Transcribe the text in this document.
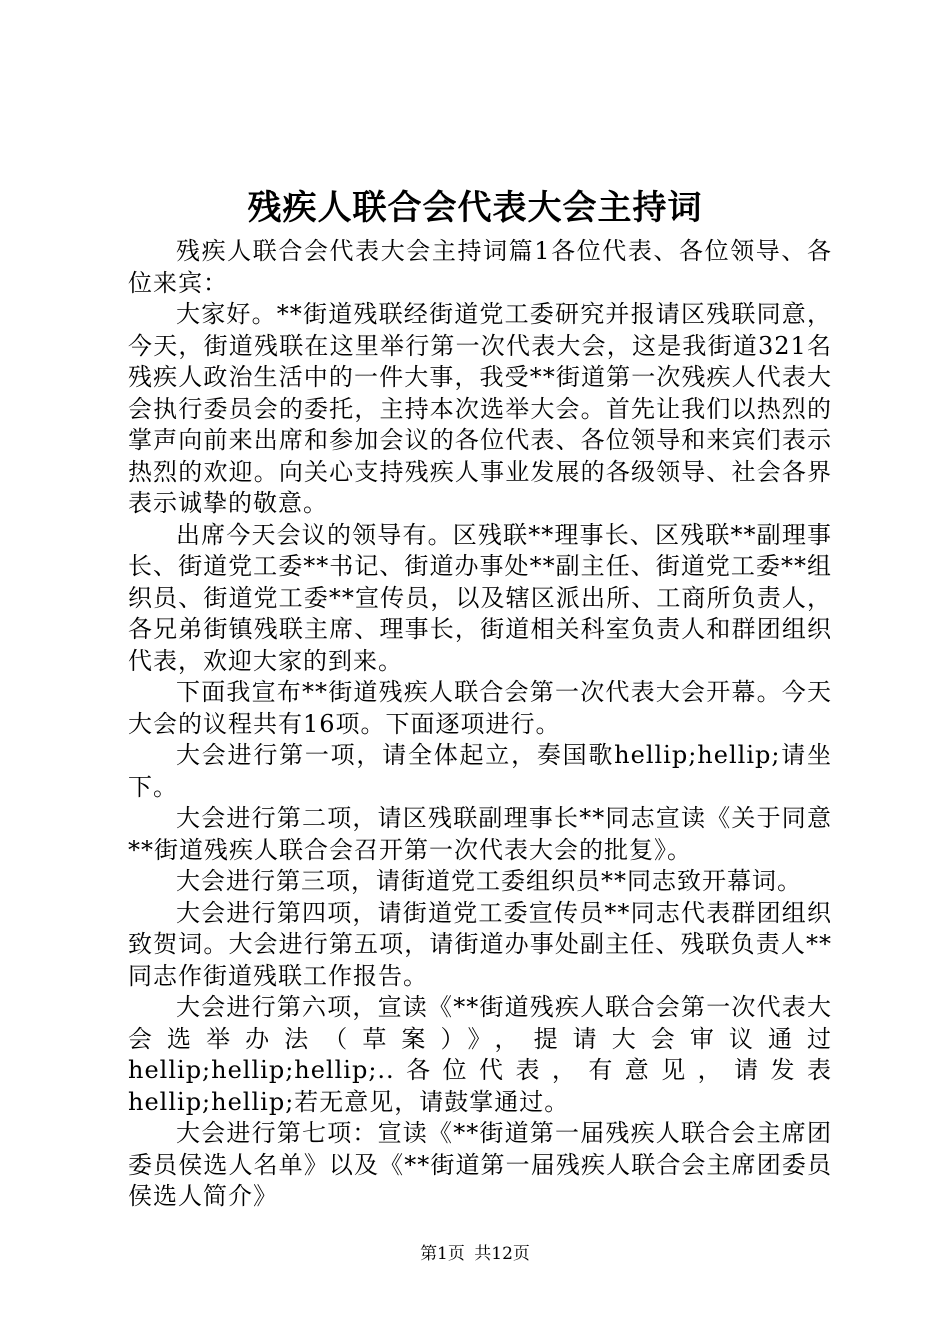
残疾人联合会代表大会主持词

残疾人联合会代表大会主持词篇1各位代表、各位领导、各位来宾：

大家好。**街道残联经街道党工委研究并报请区残联同意，今天，街道残联在这里举行第一次代表大会，这是我街道321名残疾人政治生活中的一件大事，我受**街道第一次残疾人代表大会执行委员会的委托，主持本次选举大会。首先让我们以热烈的掌声向前来出席和参加会议的各位代表、各位领导和来宾们表示热烈的欢迎。向关心支持残疾人事业发展的各级领导、社会各界表示诚挚的敬意。

出席今天会议的领导有。区残联**理事长、区残联**副理事长、街道党工委**书记、街道办事处**副主任、街道党工委**组织员、街道党工委**宣传员，以及辖区派出所、工商所负责人，各兄弟街镇残联主席、理事长，街道相关科室负责人和群团组织代表，欢迎大家的到来。

下面我宣布**街道残疾人联合会第一次代表大会开幕。今天大会的议程共有16项。下面逐项进行。

大会进行第一项，请全体起立，奏国歌hellip;hellip;请坐下。

大会进行第二项，请区残联副理事长**同志宣读《关于同意**街道残疾人联合会召开第一次代表大会的批复》。

大会进行第三项，请街道党工委组织员**同志致开幕词。

大会进行第四项，请街道党工委宣传员**同志代表群团组织致贺词。大会进行第五项，请街道办事处副主任、残联负责人**同志作街道残联工作报告。

大会进行第六项，宣读《**街道残疾人联合会第一次代表大会选举办法（草案）》，提请大会审议通过hellip;hellip;hellip;..各位代表，有意见，请发表hellip;hellip;若无意见，请鼓掌通过。

大会进行第七项：宣读《**街道第一届残疾人联合会主席团委员侯选人名单》以及《**街道第一届残疾人联合会主席团委员侯选人简介》

第1页 共12页
